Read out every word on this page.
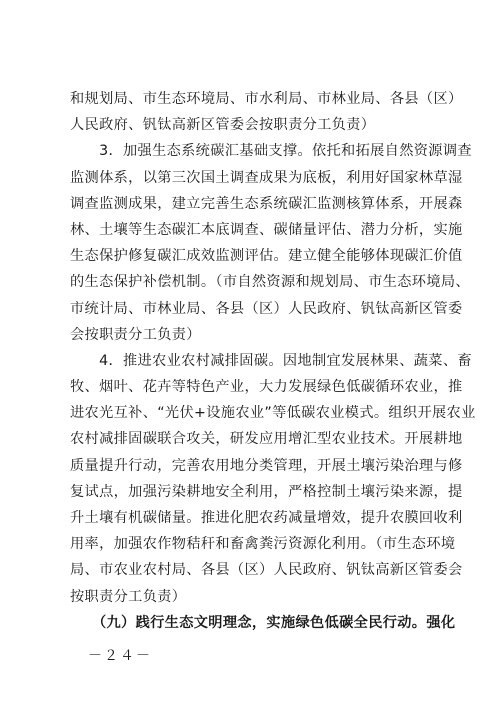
和规划局、市生态环境局、市水利局、市林业局、各县（区）
人民政府、钒钛高新区管委会按职责分工负责）
　　3．加强生态系统碳汇基础支撑。依托和拓展自然资源调查
监测体系，以第三次国土调查成果为底板，利用好国家林草湿
调查监测成果，建立完善生态系统碳汇监测核算体系，开展森
林、土壤等生态碳汇本底调查、碳储量评估、潜力分析，实施
生态保护修复碳汇成效监测评估。建立健全能够体现碳汇价值
的生态保护补偿机制。（市自然资源和规划局、市生态环境局、
市统计局、市林业局、各县（区）人民政府、钒钛高新区管委
会按职责分工负责）
　　4．推进农业农村减排固碳。因地制宜发展林果、蔬菜、畜
牧、烟叶、花卉等特色产业，大力发展绿色低碳循环农业，推
进农光互补、“光伏+设施农业”等低碳农业模式。组织开展农业
农村减排固碳联合攻关，研发应用增汇型农业技术。开展耕地
质量提升行动，完善农用地分类管理，开展土壤污染治理与修
复试点，加强污染耕地安全利用，严格控制土壤污染来源，提
升土壤有机碳储量。推进化肥农药减量增效，提升农膜回收利
用率，加强农作物秸秆和畜禽粪污资源化利用。（市生态环境
局、市农业农村局、各县（区）人民政府、钒钛高新区管委会
按职责分工负责）
　　（九）践行生态文明理念，实施绿色低碳全民行动。强化
－２４－
